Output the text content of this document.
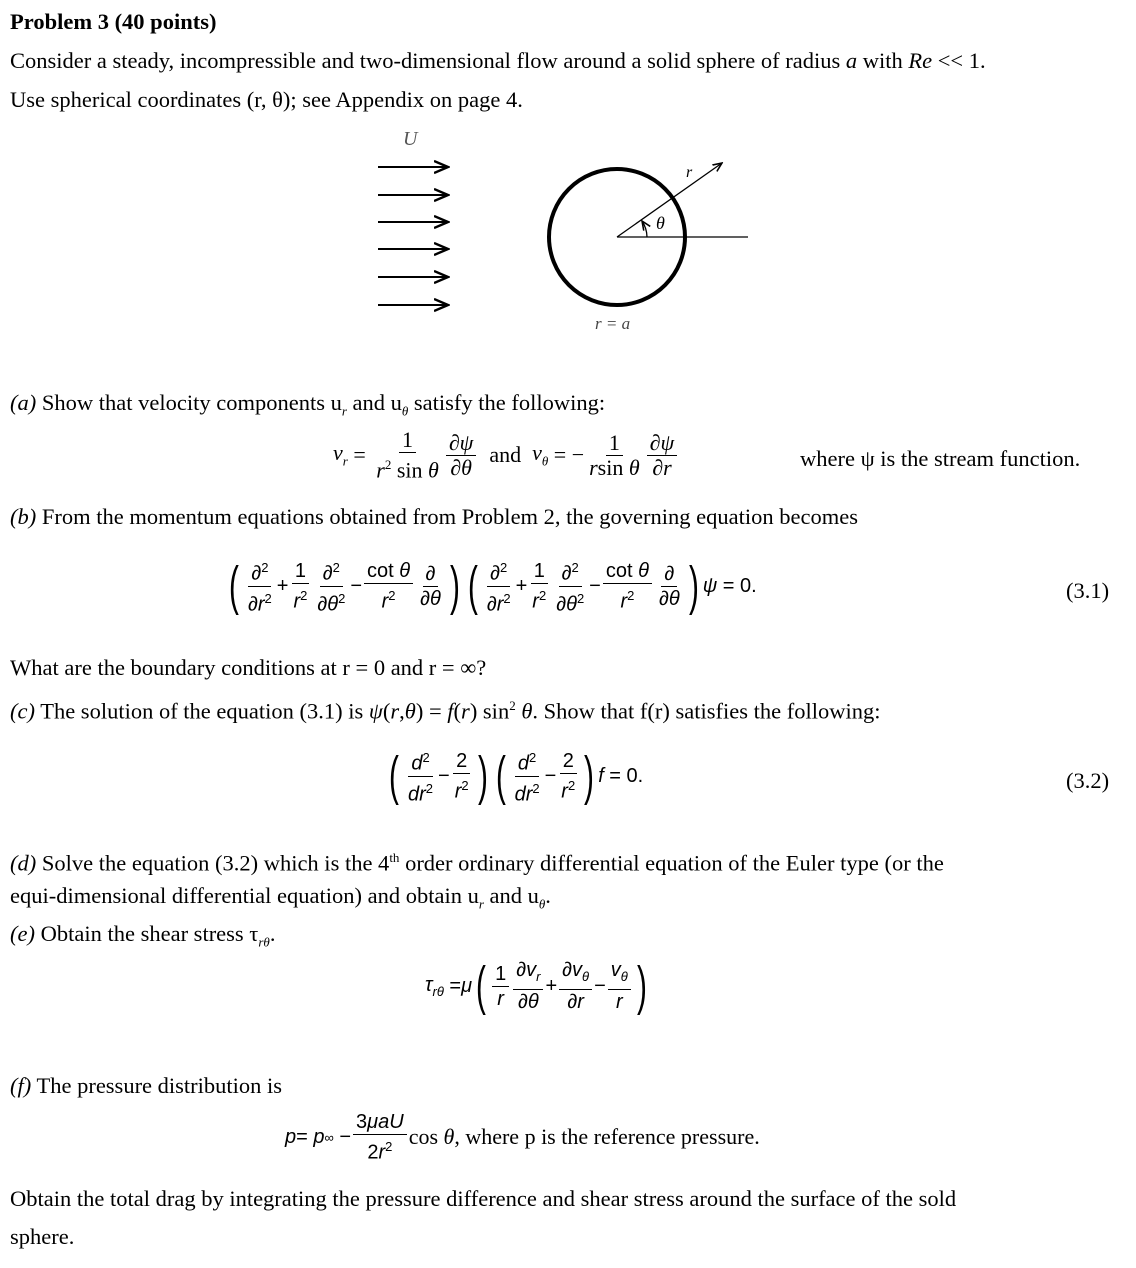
Problem 3 (40 points)
Consider a steady, incompressible and two-dimensional flow around a solid sphere of radius a with Re << 1.
Use spherical coordinates (r, θ); see Appendix on page 4.
U
θ
r
r = a
(a) Show that velocity components $u_r$ and $u_\theta$ satisfy the following:
$v_r = \frac{1}{r^2 \sin \theta} \frac{\partial\psi}{\partial\theta}$
and
$v_\theta$ = − $\frac{1}{\text{rsin θ}} \frac{\partial\psi}{\partial r}$	where ψ is the stream function.
(b) From the momentum equations obtained from Problem 2, the governing equation becomes
( $\frac{\partial^2}{\partial r^2} + \frac{1}{r^2} \frac{\partial^2}{\partial\theta^2} - \frac{\text{cot θ}}{r^2} \frac{\partial}{\partial\theta}$ ) ( $\frac{\partial^2}{\partial r^2} + \frac{1}{r^2} \frac{\partial^2}{\partial\theta^2} - \frac{\text{cot θ}}{r^2} \frac{\partial}{\partial\theta}$ ) ψ = 0.	(3.1)
What are the boundary conditions at r = 0 and r = ∞?
(c) The solution of the equation (3.1) is ψ(r,θ) = f(r) $\sin^2 \theta$. Show that f(r) satisfies the following:
( $\frac{d^2}{dr^2} - \frac{2}{r^2}$ ) ( $\frac{d^2}{dr^2} - \frac{2}{r^2}$ ) f = 0.	(3.2)
(d) Solve the equation (3.2) which is the 4th order ordinary differential equation of the Euler type (or the
equi-dimensional differential equation) and obtain $u_r$ and $u_\theta$.
(e) Obtain the shear stress $\tau_{r\theta}$.
$\tau_{r\theta} = \mu$ ( $\frac{1}{r} \frac{\partial v_r}{\partial\theta} + \frac{\partial v_\theta}{\partial r} - \frac{v_\theta}{r}$ )
(f) The pressure distribution is
p = p ∞ − $\frac{\text{3μaU}}{2r^2}$ cos θ , where p is the reference pressure.
Obtain the total drag by integrating the pressure difference and shear stress around the surface of the sold
sphere.
